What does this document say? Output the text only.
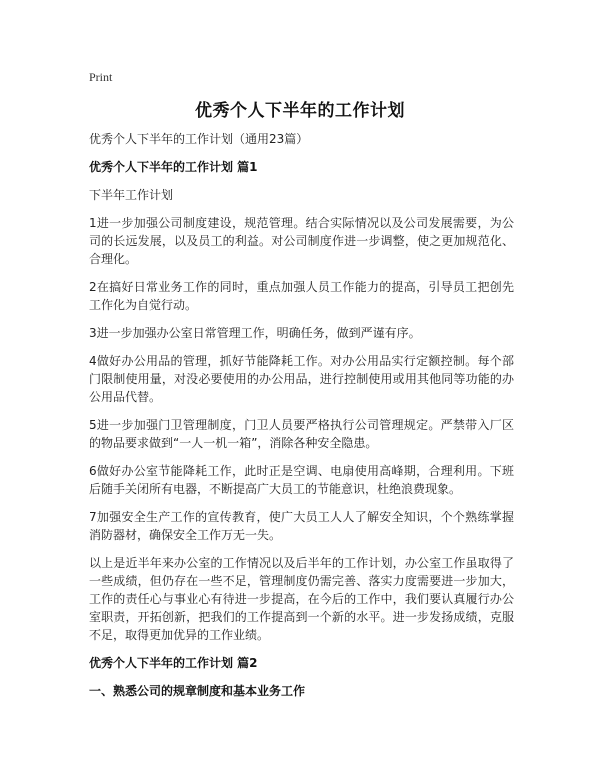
Print
优秀个人下半年的工作计划

优秀个人下半年的工作计划（通用23篇）

优秀个人下半年的工作计划 篇1

下半年工作计划

1进一步加强公司制度建设，规范管理。结合实际情况以及公司发展需要，为公司的长远发展，以及员工的利益。对公司制度作进一步调整，使之更加规范化、合理化。

2在搞好日常业务工作的同时，重点加强人员工作能力的提高，引导员工把创先工作化为自觉行动。

3进一步加强办公室日常管理工作，明确任务，做到严谨有序。

4做好办公用品的管理，抓好节能降耗工作。对办公用品实行定额控制。每个部门限制使用量，对没必要使用的办公用品，进行控制使用或用其他同等功能的办公用品代替。

5进一步加强门卫管理制度，门卫人员要严格执行公司管理规定。严禁带入厂区的物品要求做到“一人一机一箱”，消除各种安全隐患。

6做好办公室节能降耗工作，此时正是空调、电扇使用高峰期，合理利用。下班后随手关闭所有电器，不断提高广大员工的节能意识，杜绝浪费现象。

7加强安全生产工作的宣传教育，使广大员工人人了解安全知识，个个熟练掌握消防器材，确保安全工作万无一失。

以上是近半年来办公室的工作情况以及后半年的工作计划，办公室工作虽取得了一些成绩，但仍存在一些不足，管理制度仍需完善、落实力度需要进一步加大，工作的责任心与事业心有待进一步提高，在今后的工作中，我们要认真履行办公室职责，开拓创新，把我们的工作提高到一个新的水平。进一步发扬成绩，克服不足，取得更加优异的工作业绩。

优秀个人下半年的工作计划 篇2

一、熟悉公司的规章制度和基本业务工作
